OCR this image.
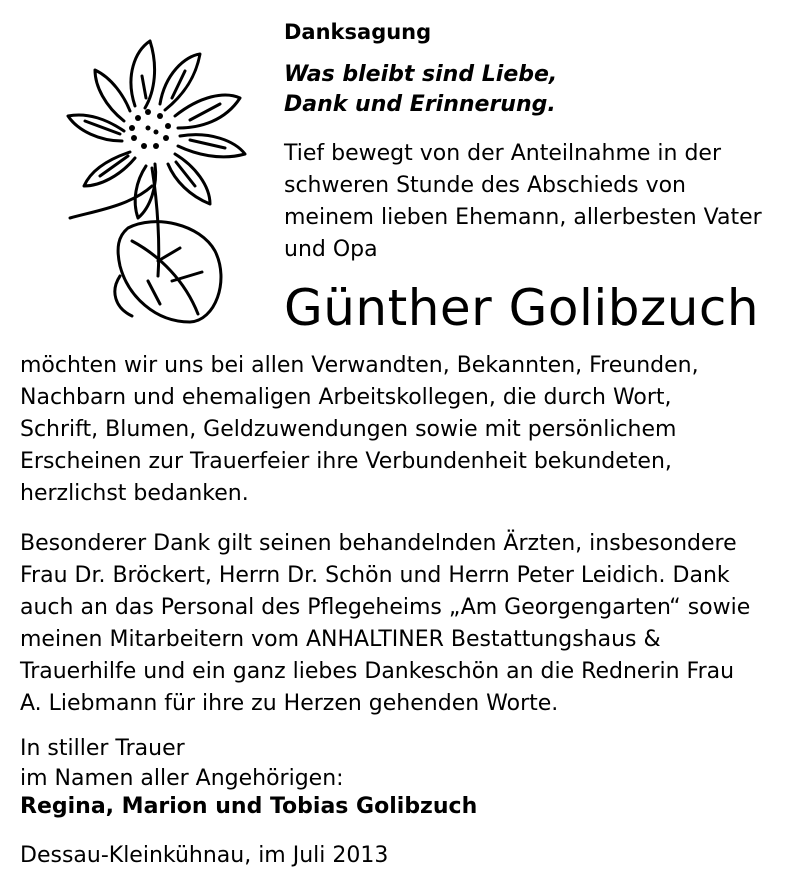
Danksagung
Was bleibt sind Liebe,
Dank und Erinnerung.
Tief bewegt von der Anteilnahme in der
schweren Stunde des Abschieds von
meinem lieben Ehemann, allerbesten Vater
und Opa
Günther Golibzuch
möchten wir uns bei allen Verwandten, Bekannten, Freunden,
Nachbarn und ehemaligen Arbeitskollegen, die durch Wort,
Schrift, Blumen, Geldzuwendungen sowie mit persönlichem
Erscheinen zur Trauerfeier ihre Verbundenheit bekundeten,
herzlichst bedanken.
Besonderer Dank gilt seinen behandelnden Ärzten, insbesondere
Frau Dr. Bröckert, Herrn Dr. Schön und Herrn Peter Leidich. Dank
auch an das Personal des Pflegeheims „Am Georgengarten“ sowie
meinen Mitarbeitern vom ANHALTINER Bestattungshaus &
Trauerhilfe und ein ganz liebes Dankeschön an die Rednerin Frau
A. Liebmann für ihre zu Herzen gehenden Worte.
In stiller Trauer
im Namen aller Angehörigen:
Regina, Marion und Tobias Golibzuch
Dessau-Kleinkühnau, im Juli 2013
